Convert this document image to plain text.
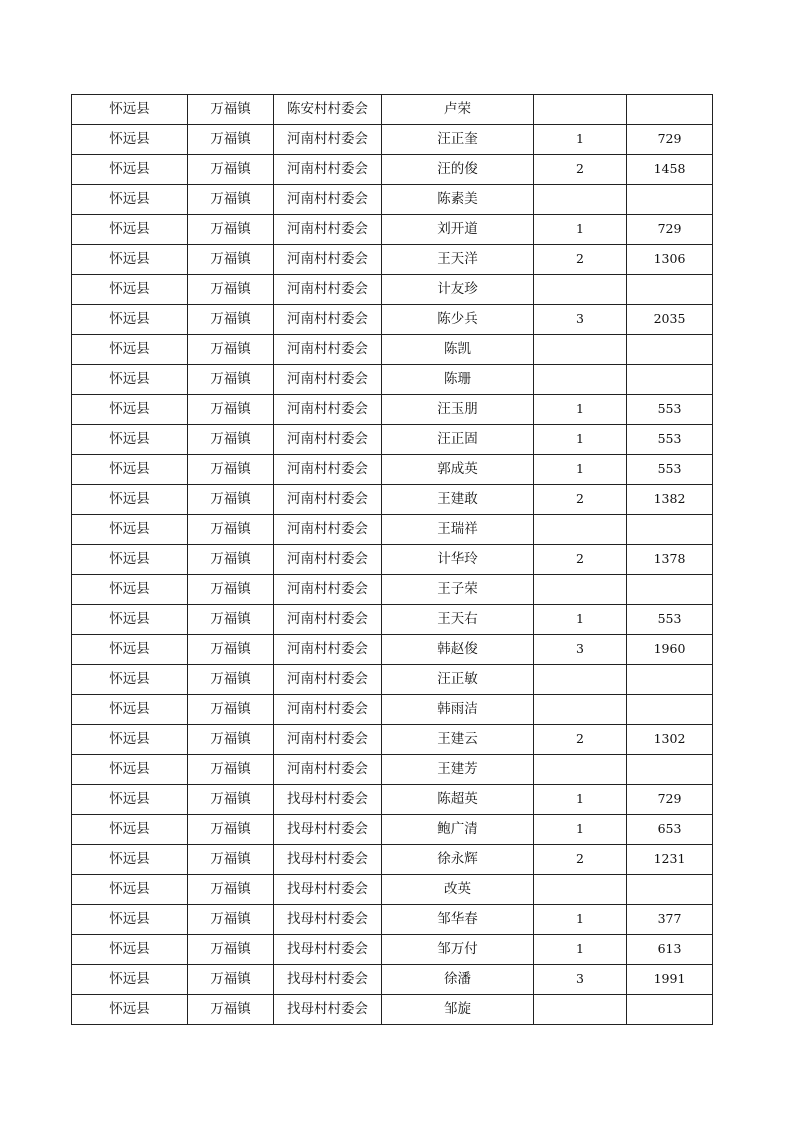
怀远县	万福镇	陈安村村委会	卢荣		
怀远县	万福镇	河南村村委会	汪正奎	1	729
怀远县	万福镇	河南村村委会	汪的俊	2	1458
怀远县	万福镇	河南村村委会	陈素美		
怀远县	万福镇	河南村村委会	刘开道	1	729
怀远县	万福镇	河南村村委会	王天洋	2	1306
怀远县	万福镇	河南村村委会	计友珍		
怀远县	万福镇	河南村村委会	陈少兵	3	2035
怀远县	万福镇	河南村村委会	陈凯		
怀远县	万福镇	河南村村委会	陈珊		
怀远县	万福镇	河南村村委会	汪玉朋	1	553
怀远县	万福镇	河南村村委会	汪正固	1	553
怀远县	万福镇	河南村村委会	郭成英	1	553
怀远县	万福镇	河南村村委会	王建敢	2	1382
怀远县	万福镇	河南村村委会	王瑞祥		
怀远县	万福镇	河南村村委会	计华玲	2	1378
怀远县	万福镇	河南村村委会	王子荣		
怀远县	万福镇	河南村村委会	王天右	1	553
怀远县	万福镇	河南村村委会	韩赵俊	3	1960
怀远县	万福镇	河南村村委会	汪正敏		
怀远县	万福镇	河南村村委会	韩雨洁		
怀远县	万福镇	河南村村委会	王建云	2	1302
怀远县	万福镇	河南村村委会	王建芳		
怀远县	万福镇	找母村村委会	陈超英	1	729
怀远县	万福镇	找母村村委会	鲍广清	1	653
怀远县	万福镇	找母村村委会	徐永辉	2	1231
怀远县	万福镇	找母村村委会	改英		
怀远县	万福镇	找母村村委会	邹华春	1	377
怀远县	万福镇	找母村村委会	邹万付	1	613
怀远县	万福镇	找母村村委会	徐潘	3	1991
怀远县	万福镇	找母村村委会	邹旋		
